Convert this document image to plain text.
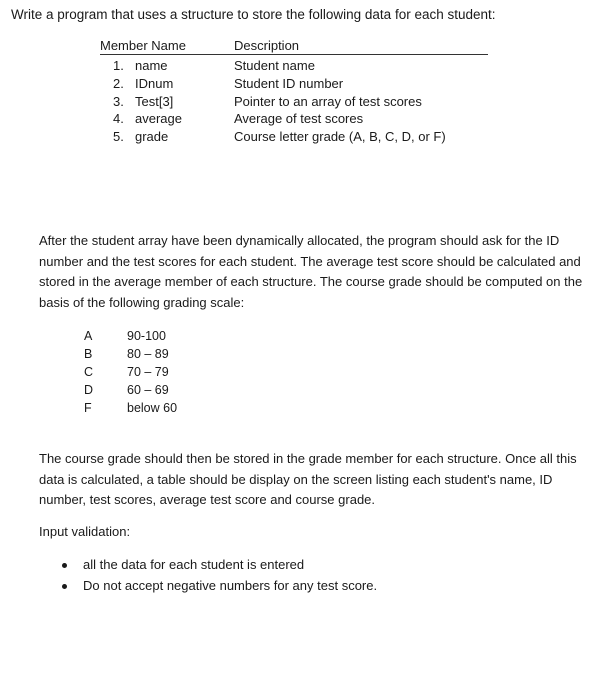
Write a program that uses a structure to store the following data for each student:
Member Name	Description
1. name	Student name
2. IDnum	Student ID number
3. Test[3]	Pointer to an array of test scores
4. average	Average of test scores
5. grade	Course letter grade (A, B, C, D, or F)

After the student array have been dynamically allocated, the program should ask for the ID

number and the test scores for each student. The average test score should be calculated and

stored in the average member of each structure. The course grade should be computed on the

basis of the following grading scale:

A	90-100
B	80 – 89
C	70 – 79
D	60 – 69
F	below 60

The course grade should then be stored in the grade member for each structure. Once all this

data is calculated, a table should be display on the screen listing each student's name, ID

number, test scores, average test score and course grade.

Input validation:
all the data for each student is entered
Do not accept negative numbers for any test score.
